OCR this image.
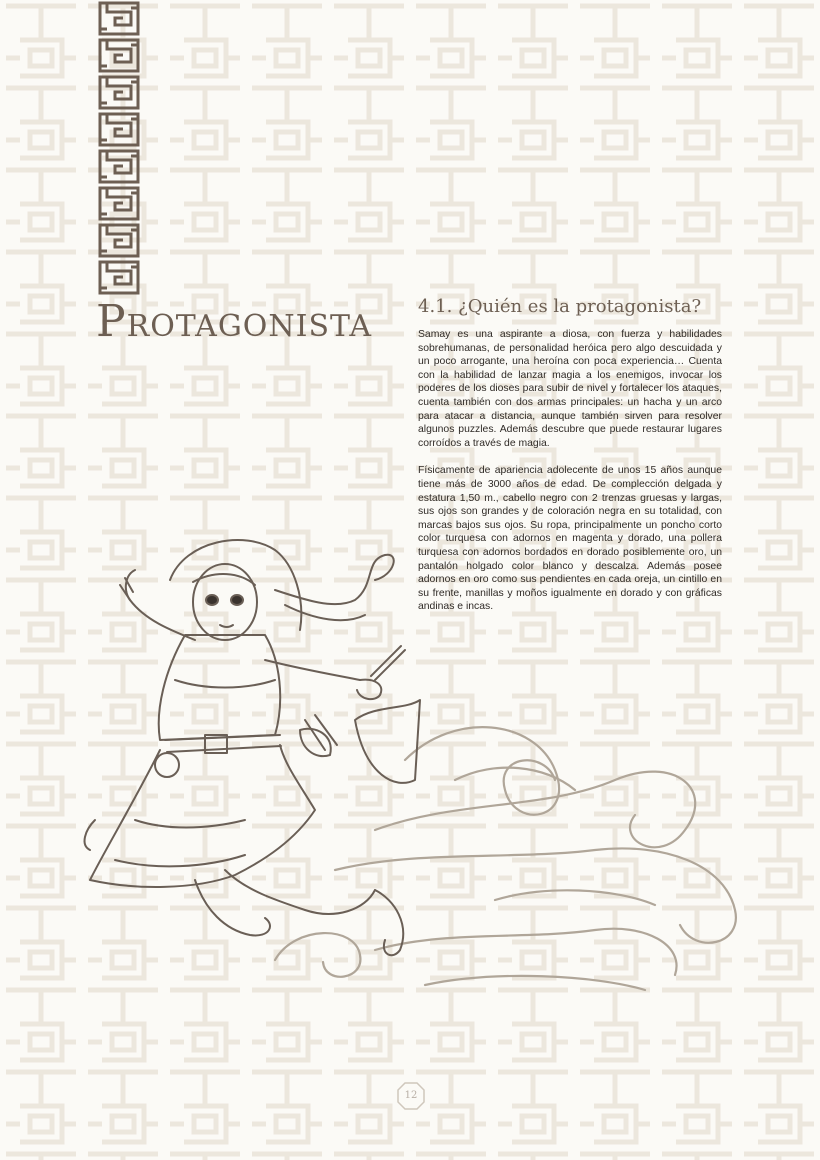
PROTAGONISTA
4.1. ¿Quién es la protagonista?

Samay es una aspirante a diosa, con fuerza y habilidades sobrehumanas, de personalidad heróica pero algo descuidada y un poco arrogante, una heroína con poca experiencia… Cuenta con la habilidad de lanzar magia a los enemigos, invocar los poderes de los dioses para subir de nivel y fortalecer los ataques, cuenta también con dos armas principales: un hacha y un arco para atacar a distancia, aunque también sirven para resolver algunos puzzles. Además descubre que puede restaurar lugares corroídos a través de magia.

Físicamente de apariencia adolecente de unos 15 años aunque tiene más de 3000 años de edad. De complección delgada y estatura 1,50 m., cabello negro con 2 trenzas gruesas y largas, sus ojos son grandes y de coloración negra en su totalidad, con marcas bajos sus ojos. Su ropa, principalmente un poncho corto color turquesa con adornos en magenta y dorado, una pollera turquesa con adornos bordados en dorado posiblemente oro, un pantalón holgado color blanco y descalza. Además posee adornos en oro como sus pendientes en cada oreja, un cintillo en su frente, manillas y moños igualmente en dorado y con gráficas andinas e incas.

12
